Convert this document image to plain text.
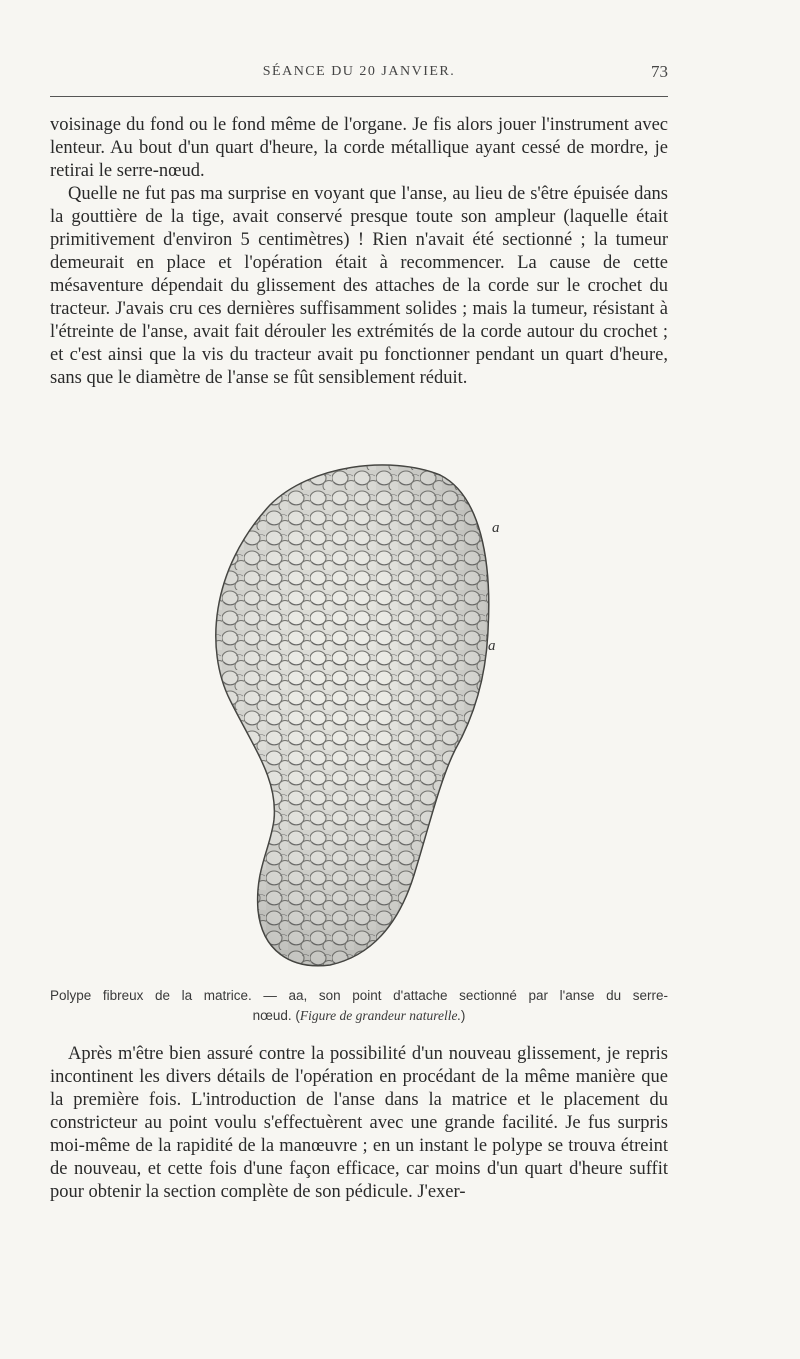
SÉANCE DU 20 JANVIER.	73

voisinage du fond ou le fond même de l'organe. Je fis alors jouer l'instrument avec lenteur. Au bout d'un quart d'heure, la corde métallique ayant cessé de mordre, je retirai le serre-nœud.

Quelle ne fut pas ma surprise en voyant que l'anse, au lieu de s'être épuisée dans la gouttière de la tige, avait conservé presque toute son ampleur (laquelle était primitivement d'environ 5 centimètres) ! Rien n'avait été sectionné ; la tumeur demeurait en place et l'opération était à recommencer. La cause de cette mésaventure dépendait du glissement des attaches de la corde sur le crochet du tracteur. J'avais cru ces dernières suffisamment solides ; mais la tumeur, résistant à l'étreinte de l'anse, avait fait dérouler les extrémités de la corde autour du crochet ; et c'est ainsi que la vis du tracteur avait pu fonctionner pendant un quart d'heure, sans que le diamètre de l'anse se fût sensiblement réduit.

a
a
Polype fibreux de la matrice. — aa, son point d'attache sectionné par l'anse du serre-
nœud. (Figure de grandeur naturelle.)

Après m'être bien assuré contre la possibilité d'un nouveau glissement, je repris incontinent les divers détails de l'opération en procédant de la même manière que la première fois. L'introduction de l'anse dans la matrice et le placement du constricteur au point voulu s'effectuèrent avec une grande facilité. Je fus surpris moi-même de la rapidité de la manœuvre ; en un instant le polype se trouva étreint de nouveau, et cette fois d'une façon efficace, car moins d'un quart d'heure suffit pour obtenir la section complète de son pédicule. J'exer-
